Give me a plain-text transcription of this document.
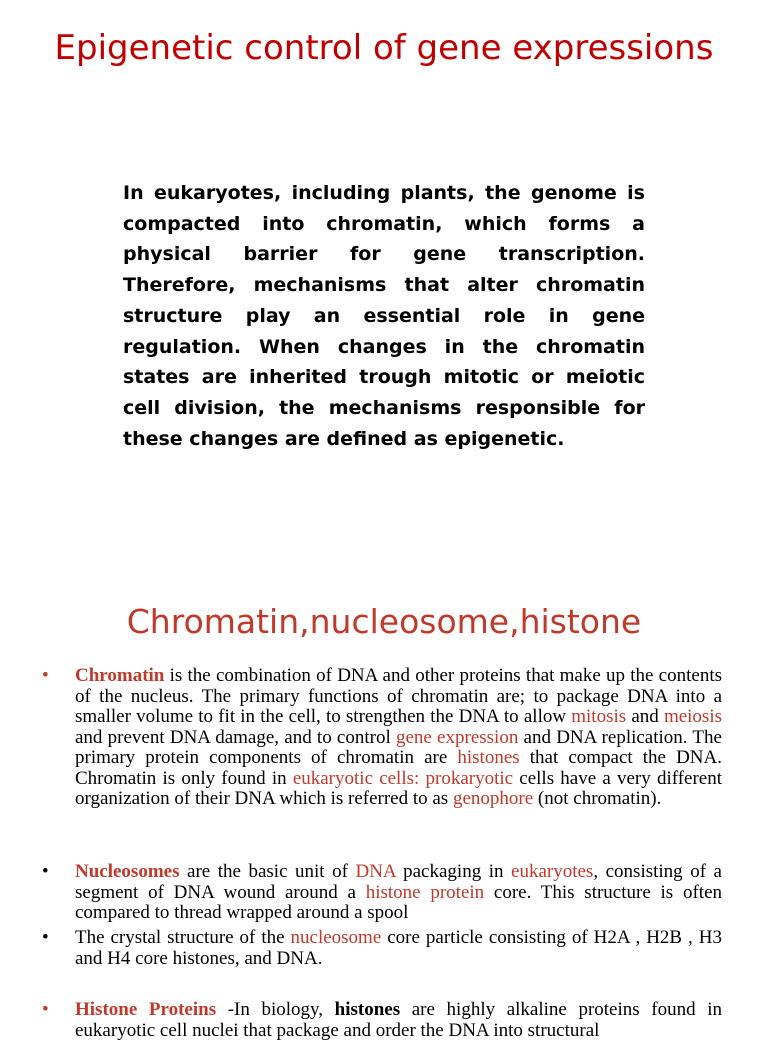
Epigenetic control of gene expressions
In eukaryotes, including plants, the genome is compacted into chromatin, which forms a physical barrier for gene transcription. Therefore, mechanisms that alter chromatin structure play an essential role in gene regulation. When changes in the chromatin states are inherited trough mitotic or meiotic cell division, the mechanisms responsible for these changes are defined as epigenetic.
Chromatin,nucleosome,histone
• Chromatin is the combination of DNA and other proteins that make up the contents of the nucleus. The primary functions of chromatin are; to package DNA into a smaller volume to fit in the cell, to strengthen the DNA to allow mitosis and meiosis and prevent DNA damage, and to control gene expression and DNA replication. The primary protein components of chromatin are histones that compact the DNA. Chromatin is only found in eukaryotic cells: prokaryotic cells have a very different organization of their DNA which is referred to as genophore (not chromatin).
• Nucleosomes are the basic unit of DNA packaging in eukaryotes, consisting of a segment of DNA wound around a histone protein core. This structure is often compared to thread wrapped around a spool
• The crystal structure of the nucleosome core particle consisting of H2A , H2B , H3 and H4 core histones, and DNA.
• Histone Proteins -In biology, histones are highly alkaline proteins found in eukaryotic cell nuclei that package and order the DNA into structural
